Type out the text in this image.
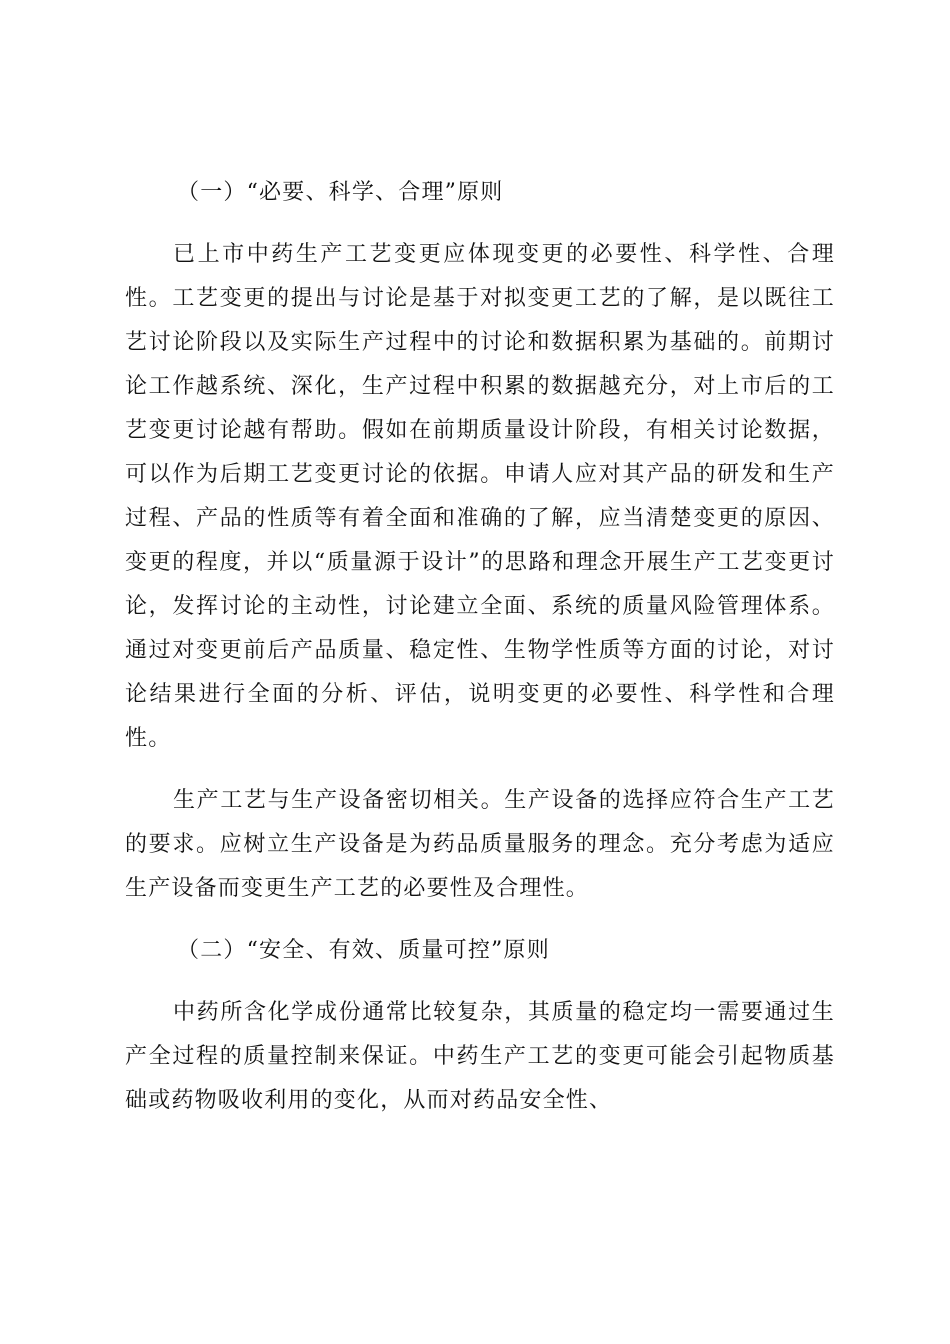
（一）“必要、科学、合理”原则

已上市中药生产工艺变更应体现变更的必要性、科学性、合理性。工艺变更的提出与讨论是基于对拟变更工艺的了解，是以既往工艺讨论阶段以及实际生产过程中的讨论和数据积累为基础的。前期讨论工作越系统、深化，生产过程中积累的数据越充分，对上市后的工艺变更讨论越有帮助。假如在前期质量设计阶段，有相关讨论数据，可以作为后期工艺变更讨论的依据。申请人应对其产品的研发和生产过程、产品的性质等有着全面和准确的了解，应当清楚变更的原因、变更的程度，并以“质量源于设计”的思路和理念开展生产工艺变更讨论，发挥讨论的主动性，讨论建立全面、系统的质量风险管理体系。通过对变更前后产品质量、稳定性、生物学性质等方面的讨论，对讨论结果进行全面的分析、评估，说明变更的必要性、科学性和合理性。

生产工艺与生产设备密切相关。生产设备的选择应符合生产工艺的要求。应树立生产设备是为药品质量服务的理念。充分考虑为适应生产设备而变更生产工艺的必要性及合理性。

（二）“安全、有效、质量可控”原则

中药所含化学成份通常比较复杂，其质量的稳定均一需要通过生产全过程的质量控制来保证。中药生产工艺的变更可能会引起物质基础或药物吸收利用的变化，从而对药品安全性、
